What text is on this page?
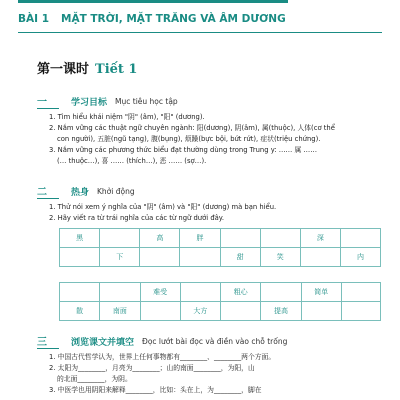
BÀI 1 MẶT TRỜI, MẶT TRĂNG VÀ ÂM DƯƠNG
第一课时 Tiết 1
一	学习目标 Mục tiêu học tập
1. Tìm hiểu khái niệm "阴" (âm), "阳" (dương).
2. Nắm vững các thuật ngữ chuyên ngành: 阳(dương), 阴(âm), 属(thuộc), 人体(cơ thể
con người), 五脏(ngũ tạng), 腹(bụng), 烦躁(bực bội, bứt rứt), 症状(triệu chứng).
3. Nắm vững các phương thức biểu đạt thường dùng trong Trung y: …… 属 ……
(… thuộc…), 喜 …… (thích…), 恶 …… (sợ…).
二	热身 Khởi động
1. Thử nói xem ý nghĩa của "阴" (âm) và "阳" (dương) mà bạn hiểu.
2. Hãy viết ra từ trái nghĩa của các từ ngữ dưới đây.
黑		高	胖			深	
	下			甜	笑		内
		难受		粗心		简单	
散	南面		大方		提高		
三	浏览课文并填空 Đọc lướt bài đọc và điền vào chỗ trống
1. 中国古代哲学认为，世界上任何事物都有________、________两个方面。
2. 太阳为________，月亮为________；山的南面________，为阳，山
的北面________，为阴。
3. 中医学也用阴阳来解释________，比如：头在上，为________，脚在
